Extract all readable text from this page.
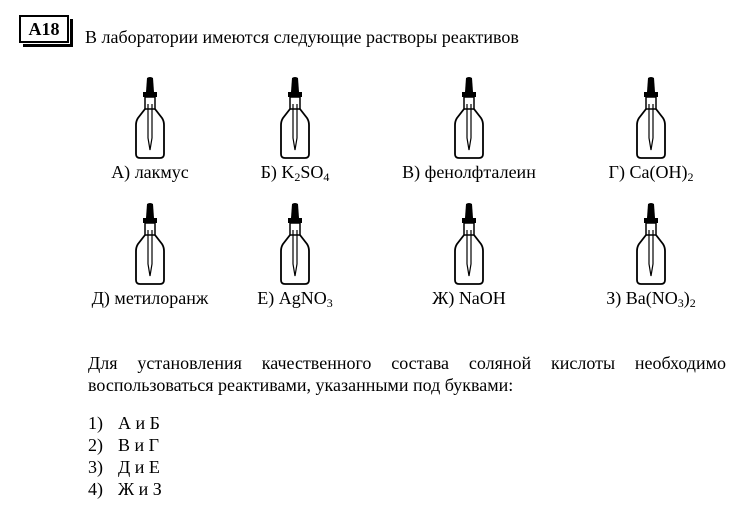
A18 В лаборатории имеются следующие растворы реактивов
А) лакмус	Б) $K_2SO_4$	В) фенолфталеин	Г) $Ca(OH)_2$
Д) метилоранж	Е) AgNO$_3$	Ж) NaOH	З) $Ba(NO_3)_2$
Для установления качественного состава соляной кислоты необходимо воспользоваться реактивами, указанными под буквами:
1) А и Б
2) В и Г
3) Д и Е
4) Ж и З
